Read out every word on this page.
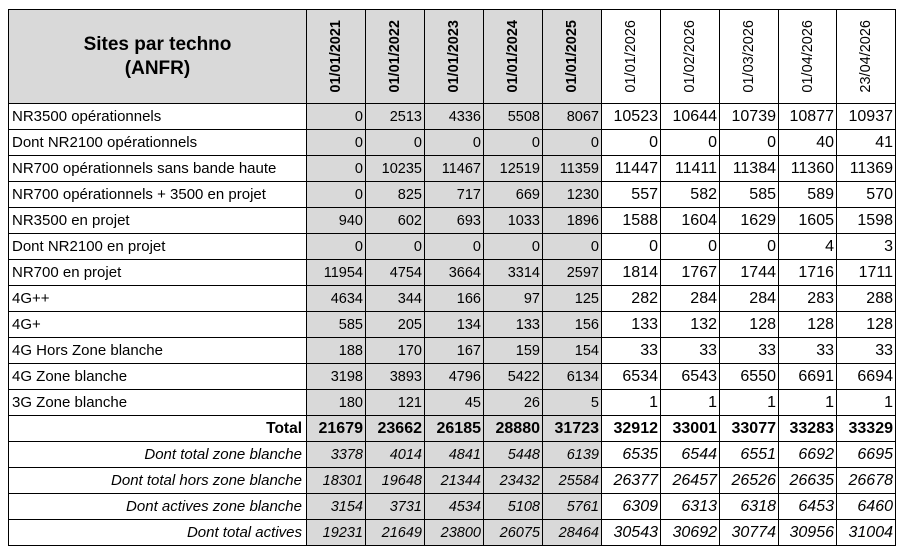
Sites par techno
(ANFR)	01/01/2021	01/01/2022	01/01/2023	01/01/2024	01/01/2025	01/01/2026	01/02/2026	01/03/2026	01/04/2026	23/04/2026

NR3500 opérationnels	0	2513	4336	5508	8067	10523	10644	10739	10877	10937
Dont NR2100 opérationnels	0	0	0	0	0	0	0	0	40	41
NR700 opérationnels sans bande haute	0	10235	11467	12519	11359	11447	11411	11384	11360	11369
NR700 opérationnels + 3500 en projet	0	825	717	669	1230	557	582	585	589	570
NR3500 en projet	940	602	693	1033	1896	1588	1604	1629	1605	1598
Dont NR2100 en projet	0	0	0	0	0	0	0	0	4	3
NR700 en projet	11954	4754	3664	3314	2597	1814	1767	1744	1716	1711
4G++	4634	344	166	97	125	282	284	284	283	288
4G+	585	205	134	133	156	133	132	128	128	128
4G Hors Zone blanche	188	170	167	159	154	33	33	33	33	33
4G Zone blanche	3198	3893	4796	5422	6134	6534	6543	6550	6691	6694
3G Zone blanche	180	121	45	26	5	1	1	1	1	1
Total	21679	23662	26185	28880	31723	32912	33001	33077	33283	33329
Dont total zone blanche	3378	4014	4841	5448	6139	6535	6544	6551	6692	6695
Dont total hors zone blanche	18301	19648	21344	23432	25584	26377	26457	26526	26635	26678
Dont actives zone blanche	3154	3731	4534	5108	5761	6309	6313	6318	6453	6460
Dont total actives	19231	21649	23800	26075	28464	30543	30692	30774	30956	31004
